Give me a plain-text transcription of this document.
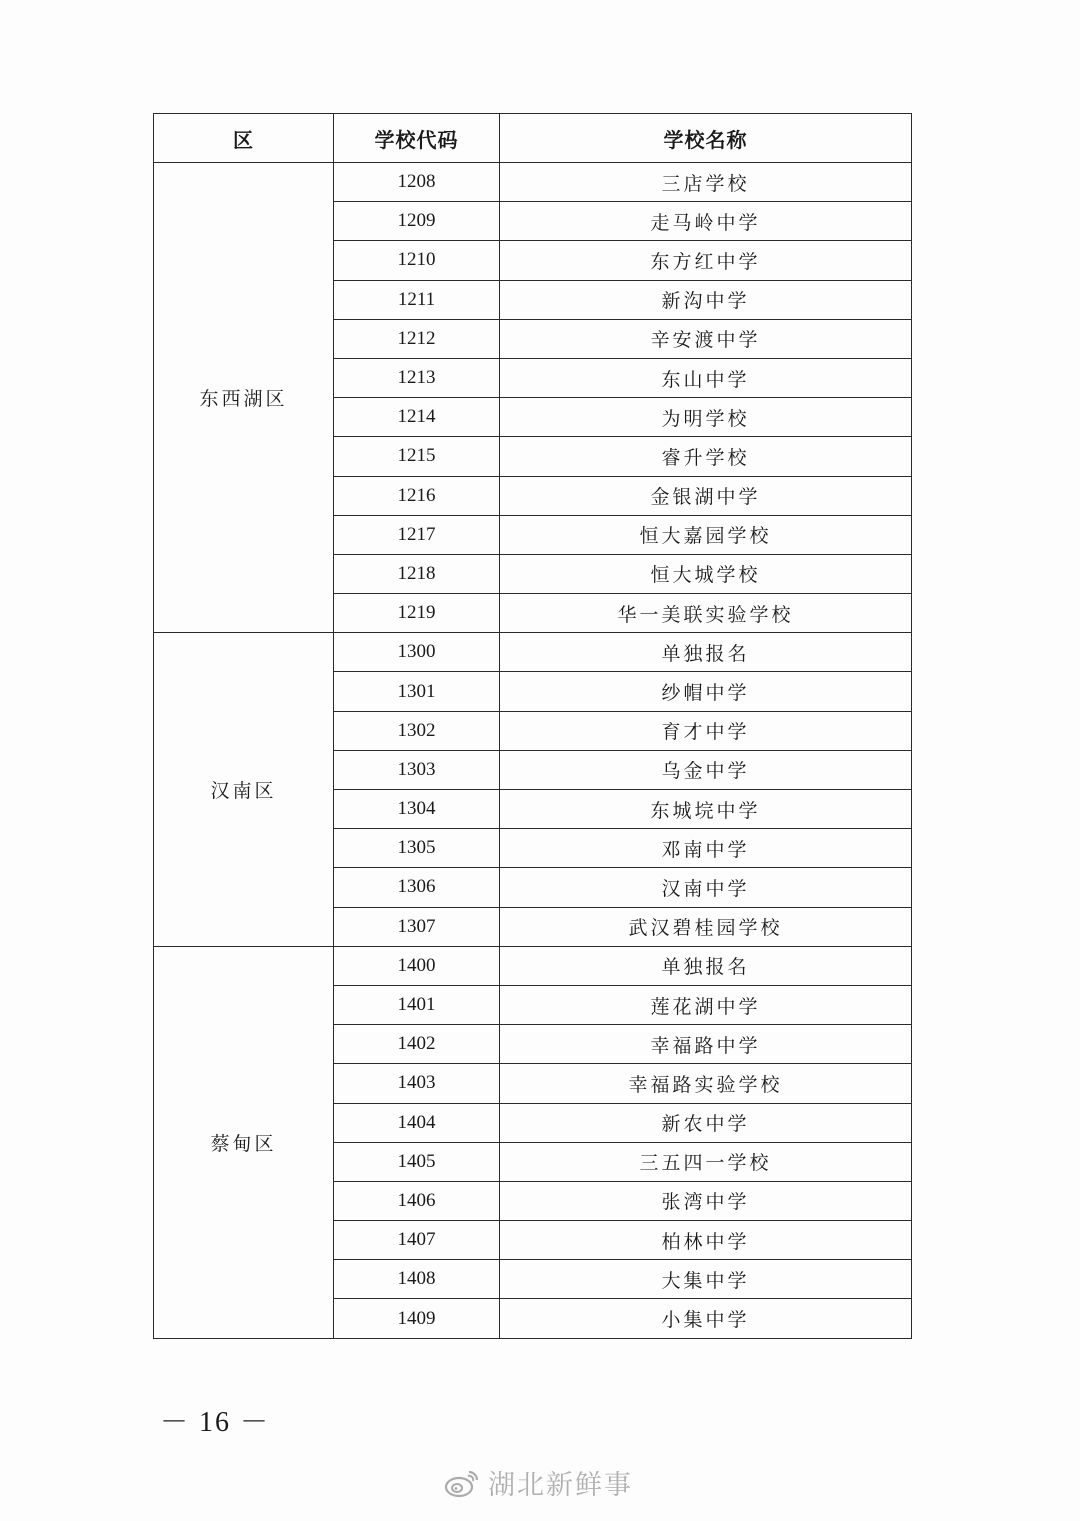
区	学校代码	学校名称
东西湖区	1208	三店学校
	1209	走马岭中学
	1210	东方红中学
	1211	新沟中学
	1212	辛安渡中学
	1213	东山中学
	1214	为明学校
	1215	睿升学校
	1216	金银湖中学
	1217	恒大嘉园学校
	1218	恒大城学校
	1219	华一美联实验学校
汉南区	1300	单独报名
	1301	纱帽中学
	1302	育才中学
	1303	乌金中学
	1304	东城垸中学
	1305	邓南中学
	1306	汉南中学
	1307	武汉碧桂园学校
蔡甸区	1400	单独报名
	1401	莲花湖中学
	1402	幸福路中学
	1403	幸福路实验学校
	1404	新农中学
	1405	三五四一学校
	1406	张湾中学
	1407	柏林中学
	1408	大集中学
	1409	小集中学
－ 16 －
湖北新鲜事
